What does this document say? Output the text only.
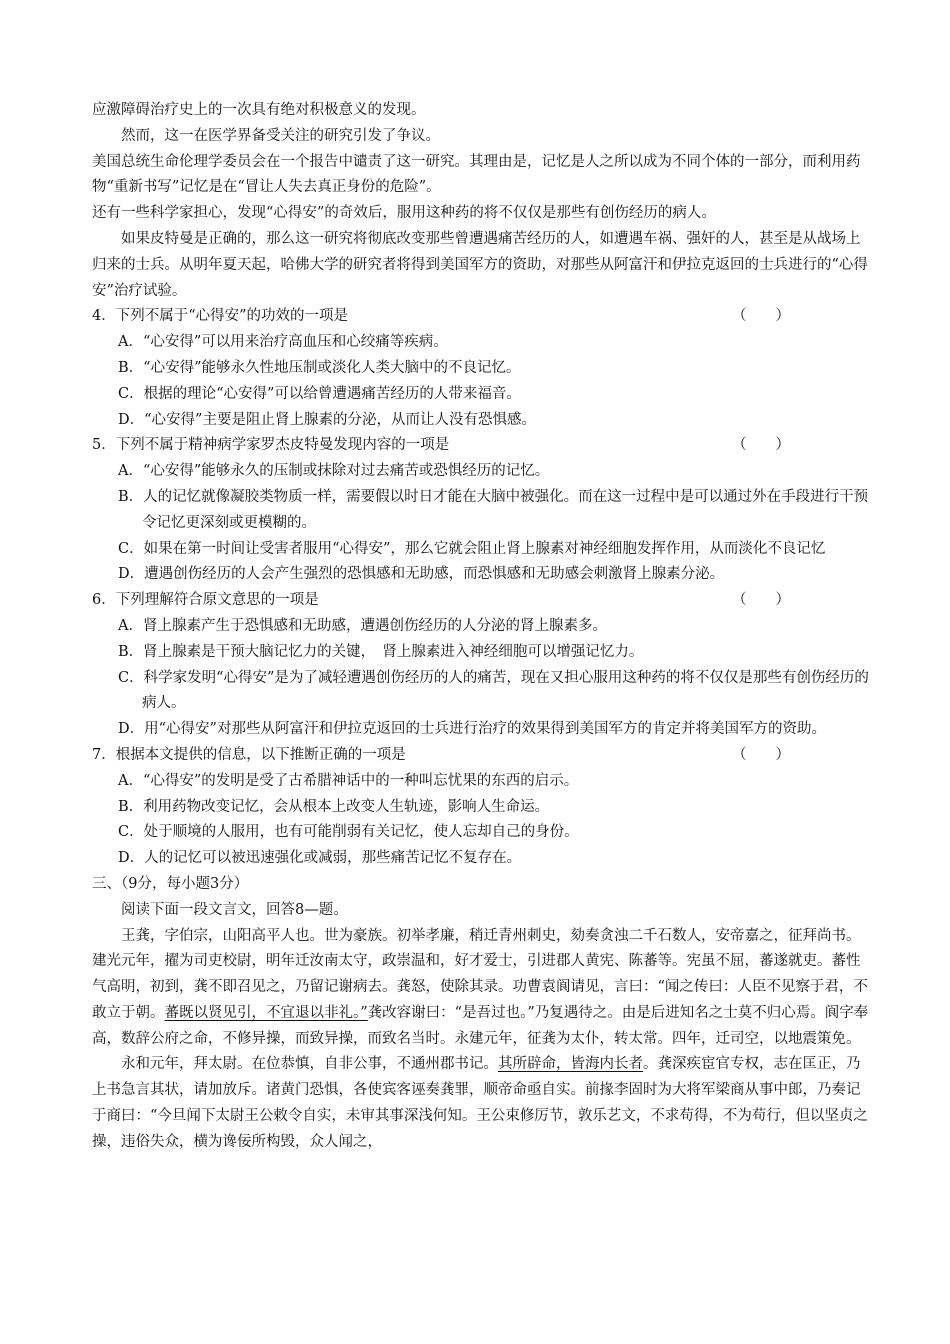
应激障碍治疗史上的一次具有绝对积极意义的发现。

然而，这一在医学界备受关注的研究引发了争议。

美国总统生命伦理学委员会在一个报告中谴责了这一研究。其理由是，记忆是人之所以成为不同个体的一部分，而利用药物“重新书写”记忆是在“冒让人失去真正身份的危险”。

还有一些科学家担心，发现“心得安”的奇效后，服用这种药的将不仅仅是那些有创伤经历的病人。

如果皮特曼是正确的，那么这一研究将彻底改变那些曾遭遇痛苦经历的人，如遭遇车祸、强奸的人，甚至是从战场上归来的士兵。从明年夏天起，哈佛大学的研究者将得到美国军方的资助，对那些从阿富汗和伊拉克返回的士兵进行的“心得安”治疗试验。

4．下列不属于“心得安”的功效的一项是	（　　）

A．“心安得”可以用来治疗高血压和心绞痛等疾病。

B．“心安得”能够永久性地压制或淡化人类大脑中的不良记忆。

C．根据的理论“心安得”可以给曾遭遇痛苦经历的人带来福音。

D．“心安得”主要是阻止肾上腺素的分泌，从而让人没有恐惧感。

5．下列不属于精神病学家罗杰皮特曼发现内容的一项是	（　　）

A．“心安得”能够永久的压制或抹除对过去痛苦或恐惧经历的记忆。

B．人的记忆就像凝胶类物质一样，需要假以时日才能在大脑中被强化。而在这一过程中是可以通过外在手段进行干预令记忆更深刻或更模糊的。

C．如果在第一时间让受害者服用“心得安”，那么它就会阻止肾上腺素对神经细胞发挥作用，从而淡化不良记忆

D．遭遇创伤经历的人会产生强烈的恐惧感和无助感，而恐惧感和无助感会刺激肾上腺素分泌。

6．下列理解符合原文意思的一项是	（　　）

A．肾上腺素产生于恐惧感和无助感，遭遇创伤经历的人分泌的肾上腺素多。

B．肾上腺素是干预大脑记忆力的关键，　肾上腺素进入神经细胞可以增强记忆力。

C．科学家发明“心得安”是为了减轻遭遇创伤经历的人的痛苦，现在又担心服用这种药的将不仅仅是那些有创伤经历的病人。

D．用“心得安”对那些从阿富汗和伊拉克返回的士兵进行治疗的效果得到美国军方的肯定并将美国军方的资助。

7．根据本文提供的信息，以下推断正确的一项是	（　　）

A．“心得安”的发明是受了古希腊神话中的一种叫忘忧果的东西的启示。

B．利用药物改变记忆，会从根本上改变人生轨迹，影响人生命运。

C．处于顺境的人服用，也有可能削弱有关记忆，使人忘却自己的身份。

D．人的记忆可以被迅速强化或减弱，那些痛苦记忆不复存在。

三、（9分，每小题3分）

阅读下面一段文言文，回答8—题。

王龚，字伯宗，山阳高平人也。世为豪族。初举孝廉，稍迁青州刺史，劾奏贪浊二千石数人，安帝嘉之，征拜尚书。建光元年，擢为司吏校尉，明年迁汝南太守，政崇温和，好才爱士，引进郡人黄宪、陈蕃等。宪虽不屈，蕃遂就吏。蕃性气高明，初到，龚不即召见之，乃留记谢病去。龚怒，使除其录。功曹袁阆请见，言曰：“闻之传曰：人臣不见察于君，不敢立于朝。蕃既以贤见引，不宜退以非礼。”龚改容谢曰：“是吾过也。”乃复遇待之。由是后进知名之士莫不归心焉。阆字奉高，数辞公府之命，不修异操，而致异操，而致名当时。永建元年，征龚为太仆，转太常。四年，迁司空，以地震策免。

永和元年，拜太尉。在位恭慎，自非公事，不通州郡书记。其所辟命，皆海内长者。龚深疾宦官专权，志在匡正，乃上书急言其状，请加放斥。诸黄门恐惧，各使宾客诬奏龚罪，顺帝命亟自实。前掾李固时为大将军梁商从事中郎，乃奏记于商曰：“今旦闻下太尉王公敕令自实，未审其事深浅何知。王公束修厉节，敦乐艺文，不求苟得，不为苟行，但以坚贞之操，违俗失众，横为谗佞所构毁，众人闻之，
